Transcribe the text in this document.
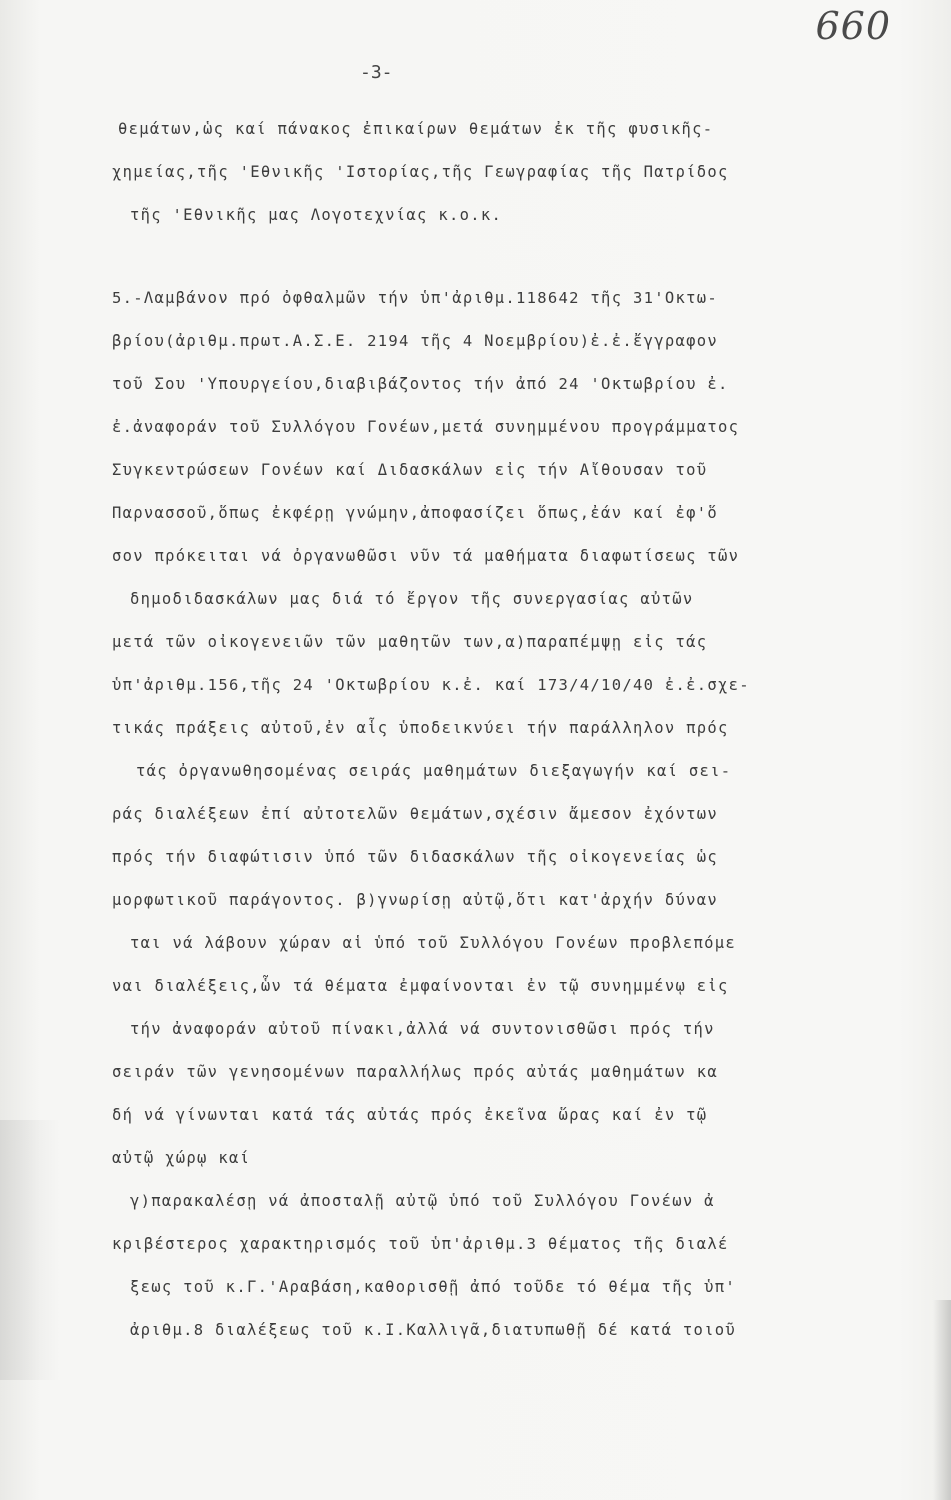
660
-3-
θεμάτων,ὡς καί πάνακος ἐπικαίρων θεμάτων ἐκ τῆς φυσικῆς-
χημείας,τῆς 'Εθνικῆς 'Ιστορίας,τῆς Γεωγραφίας τῆς Πατρίδος
τῆς 'Εθνικῆς μας Λογοτεχνίας κ.ο.κ.
5.-Λαμβάνον πρό ὀφθαλμῶν τήν ὑπ'ἀριθμ.118642 τῆς 31'Οκτω-
βρίου(ἀριθμ.πρωτ.Α.Σ.Ε. 2194 τῆς 4 Νοεμβρίου)ἐ.ἐ.ἔγγραφον
τοῦ Σου 'Υπουργείου,διαβιβάζοντος τήν ἀπό 24 'Οκτωβρίου ἐ.
ἐ.ἀναφοράν τοῦ Συλλόγου Γονέων,μετά συνημμένου προγράμματος
Συγκεντρώσεων Γονέων καί Διδασκάλων εἰς τήν Αἴθουσαν τοῦ
Παρνασσοῦ,ὅπως ἐκφέρῃ γνώμην,ἀποφασίζει ὅπως,ἐάν καί ἐφ'ὅ
σον πρόκειται νά ὀργανωθῶσι νῦν τά μαθήματα διαφωτίσεως τῶν
δημοδιδασκάλων μας διά τό ἔργον τῆς συνεργασίας αὐτῶν
μετά τῶν οἰκογενειῶν τῶν μαθητῶν των,α)παραπέμψῃ εἰς τάς
ὑπ'ἀριθμ.156,τῆς 24 'Οκτωβρίου κ.ἐ. καί 173/4/10/40 ἐ.ἐ.σχε-
τικάς πράξεις αὐτοῦ,ἐν αἷς ὑποδεικνύει τήν παράλληλον πρός
τάς ὀργανωθησομένας σειράς μαθημάτων διεξαγωγήν καί σει-
ράς διαλέξεων ἐπί αὐτοτελῶν θεμάτων,σχέσιν ἄμεσον ἐχόντων
πρός τήν διαφώτισιν ὑπό τῶν διδασκάλων τῆς οἰκογενείας ὡς
μορφωτικοῦ παράγοντος. β)γνωρίσῃ αὐτῷ,ὅτι κατ'ἀρχήν δύναν
ται νά λάβουν χώραν αἱ ὑπό τοῦ Συλλόγου Γονέων προβλεπόμε
ναι διαλέξεις,ὧν τά θέματα ἐμφαίνονται ἐν τῷ συνημμένῳ εἰς
τήν ἀναφοράν αὐτοῦ πίνακι,ἀλλά νά συντονισθῶσι πρός τήν
σειράν τῶν γενησομένων παραλλήλως πρός αὐτάς μαθημάτων κα
δή νά γίνωνται κατά τάς αὐτάς πρός ἐκεῖνα ὥρας καί ἐν τῷ
αὐτῷ χώρῳ καί
γ)παρακαλέσῃ νά ἀποσταλῇ αὐτῷ ὑπό τοῦ Συλλόγου Γονέων ἀ
κριβέστερος χαρακτηρισμός τοῦ ὑπ'ἀριθμ.3 θέματος τῆς διαλέ
ξεως τοῦ κ.Γ.'Αραβάση,καθορισθῇ ἀπό τοῦδε τό θέμα τῆς ὑπ'
ἀριθμ.8 διαλέξεως τοῦ κ.Ι.Καλλιγᾶ,διατυπωθῇ δέ κατά τοιοῦ
